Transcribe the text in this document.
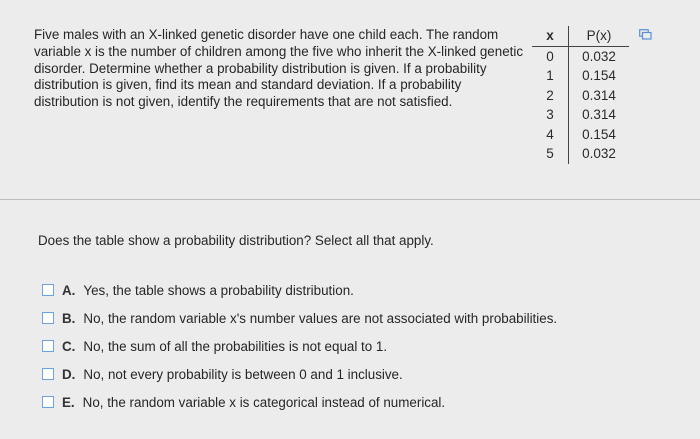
Five males with an X-linked genetic disorder have one child each. The random variable x is the number of children among the five who inherit the X-linked genetic disorder. Determine whether a probability distribution is given. If a probability distribution is given, find its mean and standard deviation. If a probability distribution is not given, identify the requirements that are not satisfied.
x	P(x)
0	0.032
1	0.154
2	0.314
3	0.314
4	0.154
5	0.032
Does the table show a probability distribution? Select all that apply.
A. Yes, the table shows a probability distribution.
B. No, the random variable x's number values are not associated with probabilities.
C. No, the sum of all the probabilities is not equal to 1.
D. No, not every probability is between 0 and 1 inclusive.
E. No, the random variable x is categorical instead of numerical.
